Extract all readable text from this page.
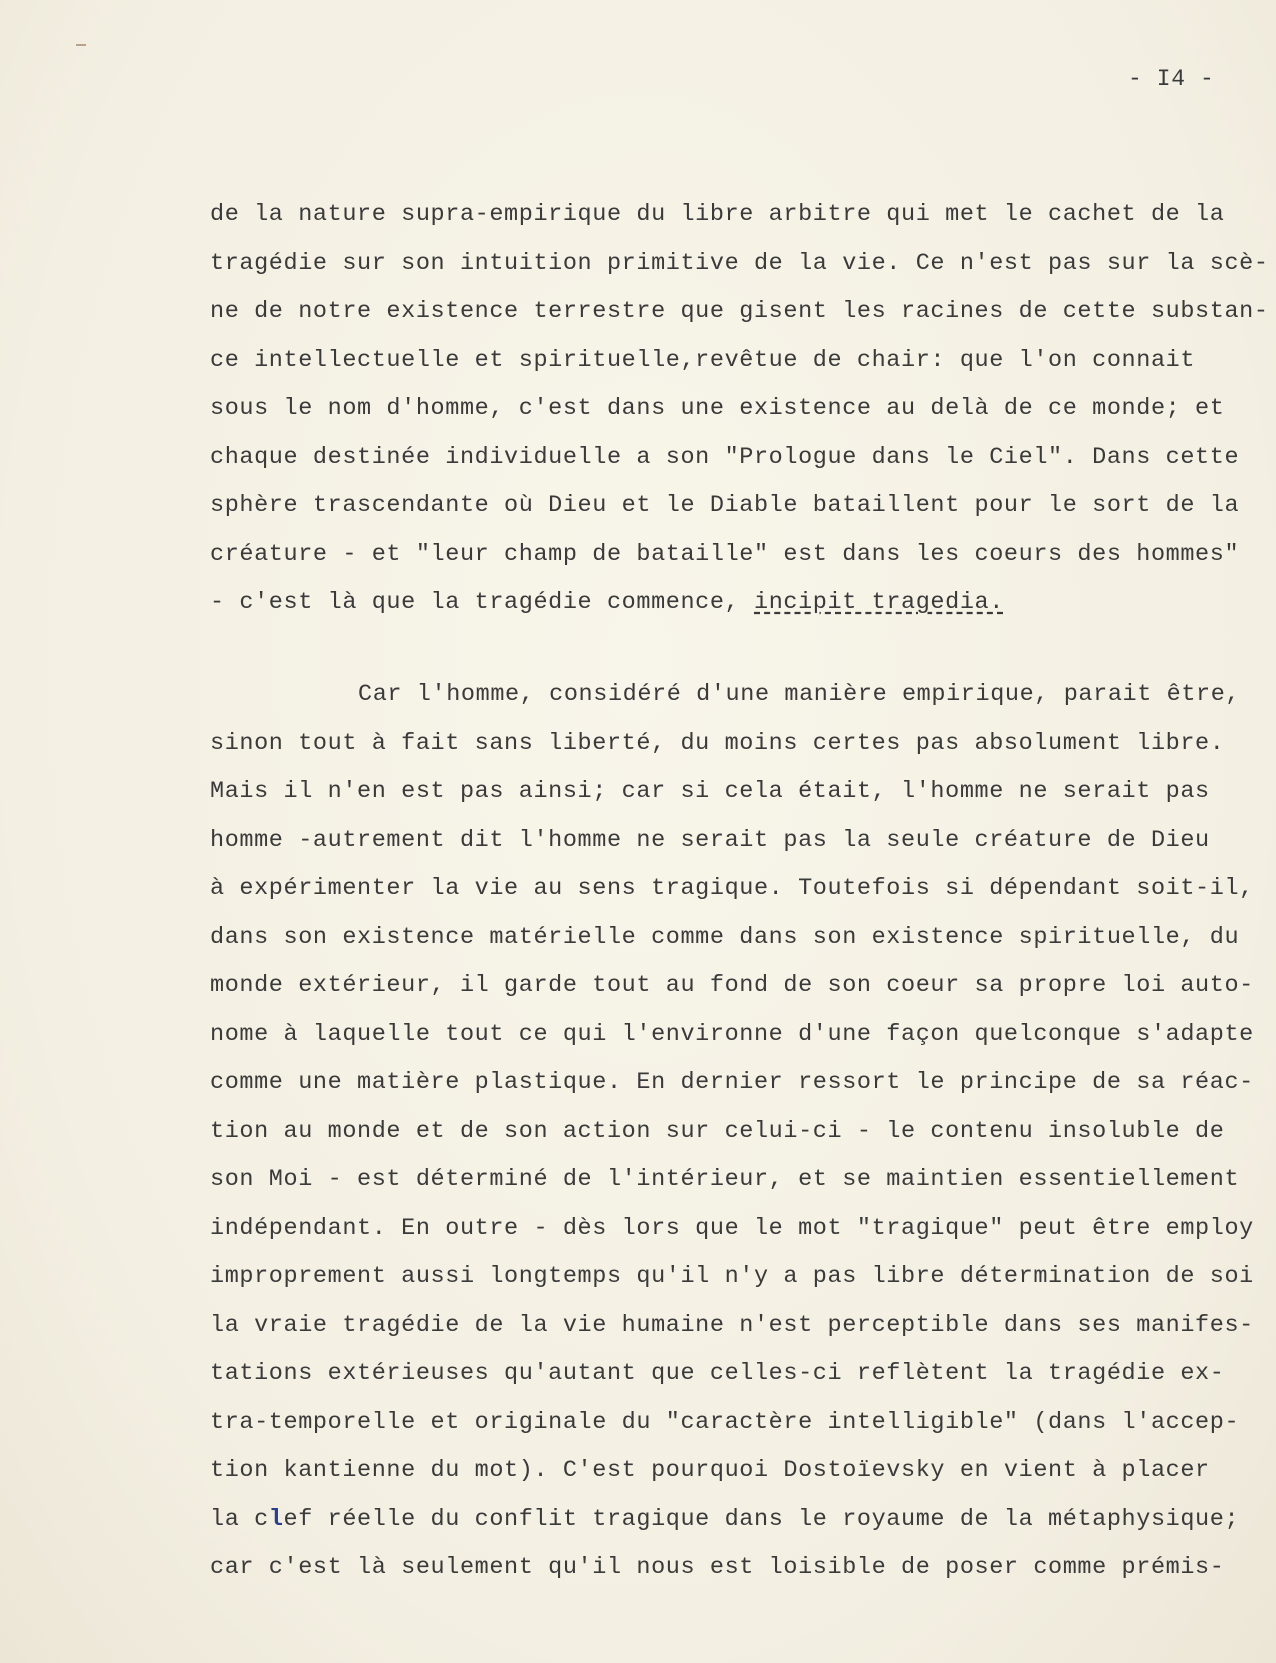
- I4 -
de la nature supra-empirique du libre arbitre qui met le cachet de la
tragédie sur son intuition primitive de la vie. Ce n'est pas sur la scè-
ne de notre existence terrestre que gisent les racines de cette substan-
ce intellectuelle et spirituelle,revêtue de chair: que l'on connait
sous le nom d'homme, c'est dans une existence au delà de ce monde; et
chaque destinée individuelle a son "Prologue dans le Ciel". Dans cette
sphère trascendante où Dieu et le Diable bataillent pour le sort de la
créature - et "leur champ de bataille" est dans les coeurs des hommes"
- c'est là que la tragédie commence, incipit tragedia.
Car l'homme, considéré d'une manière empirique, parait être,
sinon tout à fait sans liberté, du moins certes pas absolument libre.
Mais il n'en est pas ainsi; car si cela était, l'homme ne serait pas
homme -autrement dit l'homme ne serait pas la seule créature de Dieu
à expérimenter la vie au sens tragique. Toutefois si dépendant soit-il,
dans son existence matérielle comme dans son existence spirituelle, du
monde extérieur, il garde tout au fond de son coeur sa propre loi auto-
nome à laquelle tout ce qui l'environne d'une façon quelconque s'adapte
comme une matière plastique. En dernier ressort le principe de sa réac-
tion au monde et de son action sur celui-ci - le contenu insoluble de
son Moi - est déterminé de l'intérieur, et se maintien essentiellement
indépendant. En outre - dès lors que le mot "tragique" peut être employ
improprement aussi longtemps qu'il n'y a pas libre détermination de soi
la vraie tragédie de la vie humaine n'est perceptible dans ses manifes-
tations extérieuses qu'autant que celles-ci reflètent la tragédie ex-
tra-temporelle et originale du "caractère intelligible" (dans l'accep-
tion kantienne du mot). C'est pourquoi Dostoïevsky en vient à placer
la clef réelle du conflit tragique dans le royaume de la métaphysique;
car c'est là seulement qu'il nous est loisible de poser comme prémis-
